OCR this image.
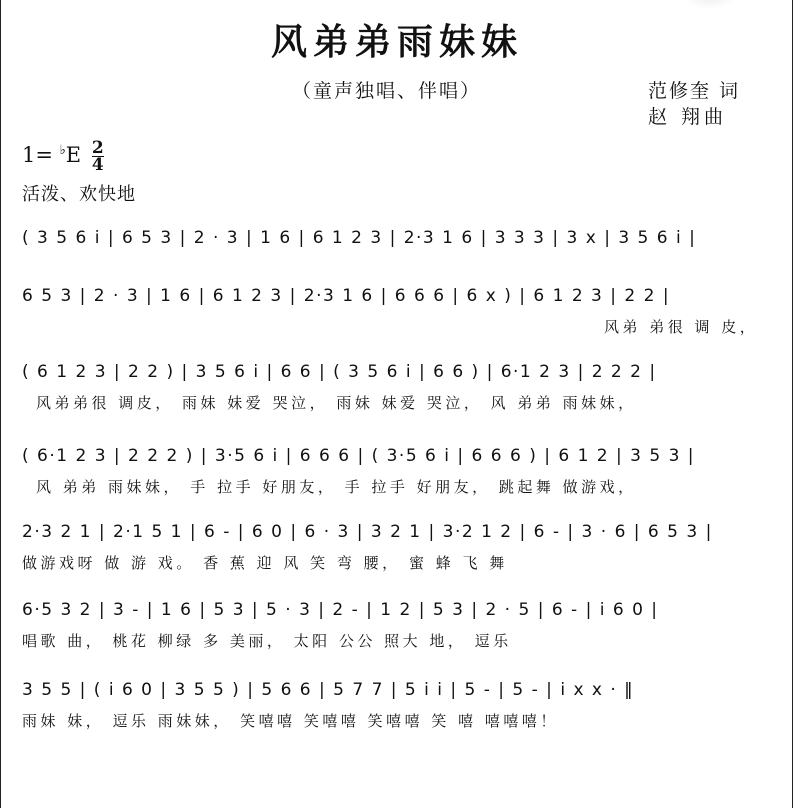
风弟弟雨妹妹
（童声独唱、伴唱）	范修奎 词
赵 翔曲
$1= ^♭E \frac{2}{4}$
活泼、欢快地
( 3 5 6 i | 6 5 3 | 2 · 3 | 1 6 | 6 1 2 3 | 2·3 1 6 | 3 3 3 | 3 x | 3 5 6 i |
6 5 3 | 2 · 3 | 1 6 | 6 1 2 3 | 2·3 1 6 | 6 6 6 | 6 x ) | 6 1 2 3 | 2 2 |
风弟 弟很 调 皮，
( 6 1 2 3 | 2 2 ) | 3 5 6 i | 6 6 | ( 3 5 6 i | 6 6 ) | 6·1 2 3 | 2 2 2 |
风弟弟很 调皮， 雨妹 妹爱 哭泣， 雨妹 妹爱 哭泣， 风 弟弟 雨妹妹，
( 6·1 2 3 | 2 2 2 ) | 3·5 6 i | 6 6 6 | ( 3·5 6 i | 6 6 6 ) | 6 1 2 | 3 5 3 |
风 弟弟 雨妹妹， 手 拉手 好朋友， 手 拉手 好朋友， 跳起舞 做游戏，
2·3 2 1 | 2·1 5 1 | 6 - | 6 0 | 6 · 3 | 3 2 1 | 3·2 1 2 | 6 - | 3 · 6 | 6 5 3 |
做游戏呀 做 游 戏。 香 蕉 迎 风 笑 弯 腰， 蜜 蜂 飞 舞
6·5 3 2 | 3 - | 1 6 | 5 3 | 5 · 3 | 2 - | 1 2 | 5 3 | 2 · 5 | 6 - | i 6 0 |
唱歌 曲， 桃花 柳绿 多 美丽， 太阳 公公 照大 地， 逗乐
3 5 5 | ( i 6 0 | 3 5 5 ) | 5 6 6 | 5 7 7 | 5 i i | 5 - | 5 - | i x x · ‖
雨妹 妹， 逗乐 雨妹妹， 笑嘻嘻 笑嘻嘻 笑嘻嘻 笑 嘻 嘻嘻嘻！
